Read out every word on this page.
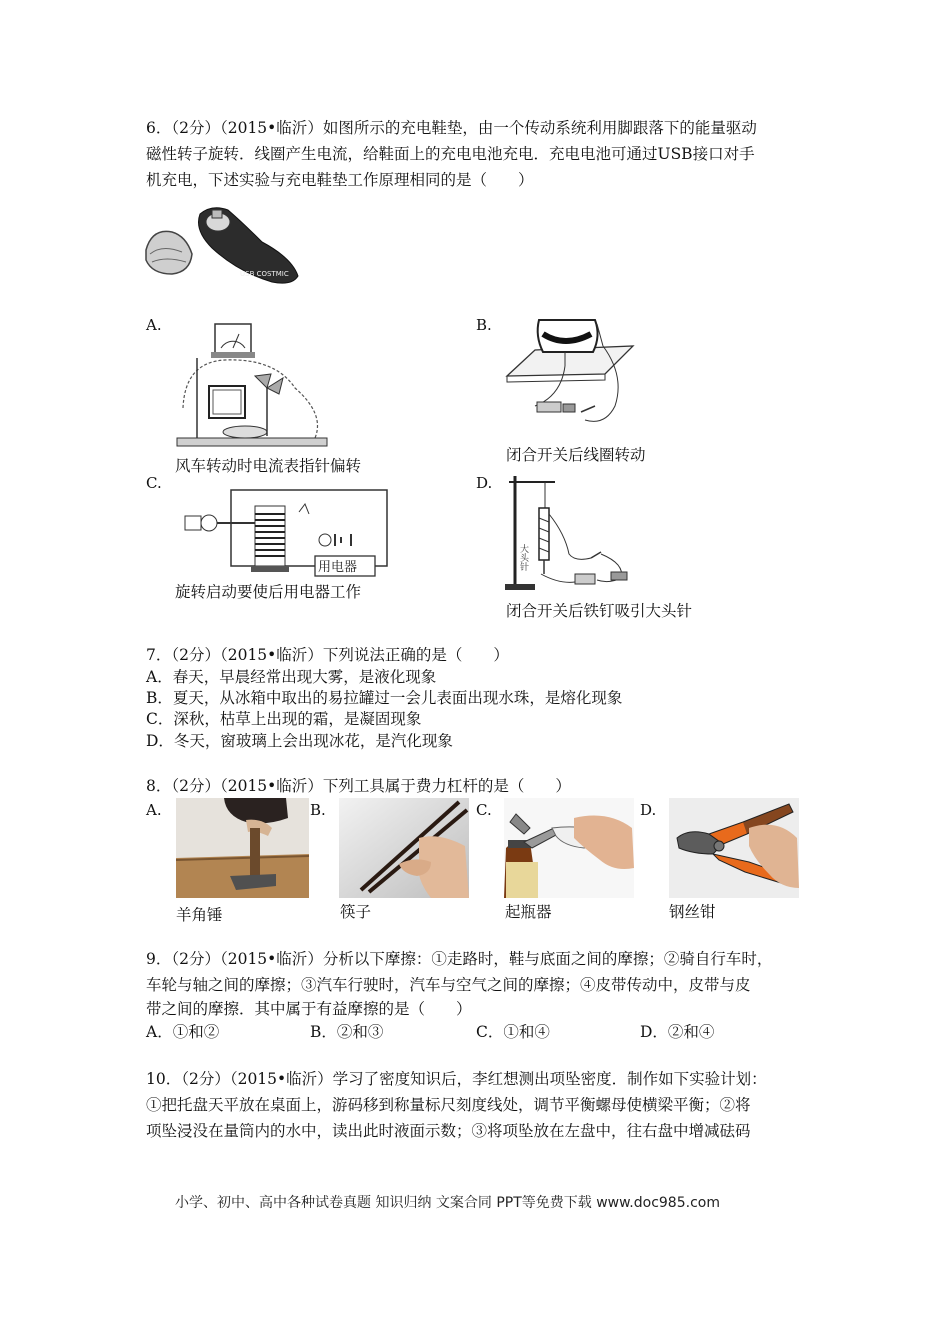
6．（2分）（2015•临沂）如图所示的充电鞋垫，由一个传动系统利用脚跟落下的能量驱动
磁性转子旋转．线圈产生电流，给鞋面上的充电电池充电．充电电池可通过USB接口对手
机充电，下述实验与充电鞋垫工作原理相同的是（　　）
USB COSTMIC
A.
风车转动时电流表指针偏转
B.
闭合开关后线圈转动
C.
用电器
旋转启动要使后用电器工作
D.
大头针
闭合开关后铁钉吸引大头针
7．（2分）（2015•临沂）下列说法正确的是（　　）
A．春天，早晨经常出现大雾，是液化现象
B．夏天，从冰箱中取出的易拉罐过一会儿表面出现水珠，是熔化现象
C．深秋，枯草上出现的霜，是凝固现象
D．冬天，窗玻璃上会出现冰花，是汽化现象
8．（2分）（2015•临沂）下列工具属于费力杠杆的是（　　）
A.
羊角锤
B.
筷子
C.
起瓶器
D.
钢丝钳
9．（2分）（2015•临沂）分析以下摩擦：①走路时，鞋与底面之间的摩擦；②骑自行车时，
车轮与轴之间的摩擦；③汽车行驶时，汽车与空气之间的摩擦；④皮带传动中，皮带与皮
带之间的摩擦．其中属于有益摩擦的是（　　）
A．①和②	B．②和③	C．①和④	D．②和④
10．（2分）（2015•临沂）学习了密度知识后，李红想测出项坠密度．制作如下实验计划：
①把托盘天平放在桌面上，游码移到称量标尺刻度线处，调节平衡螺母使横梁平衡；②将
项坠浸没在量筒内的水中，读出此时液面示数；③将项坠放在左盘中，往右盘中增减砝码
小学、初中、高中各种试卷真题 知识归纳 文案合同 PPT等免费下载 www.doc985.com
